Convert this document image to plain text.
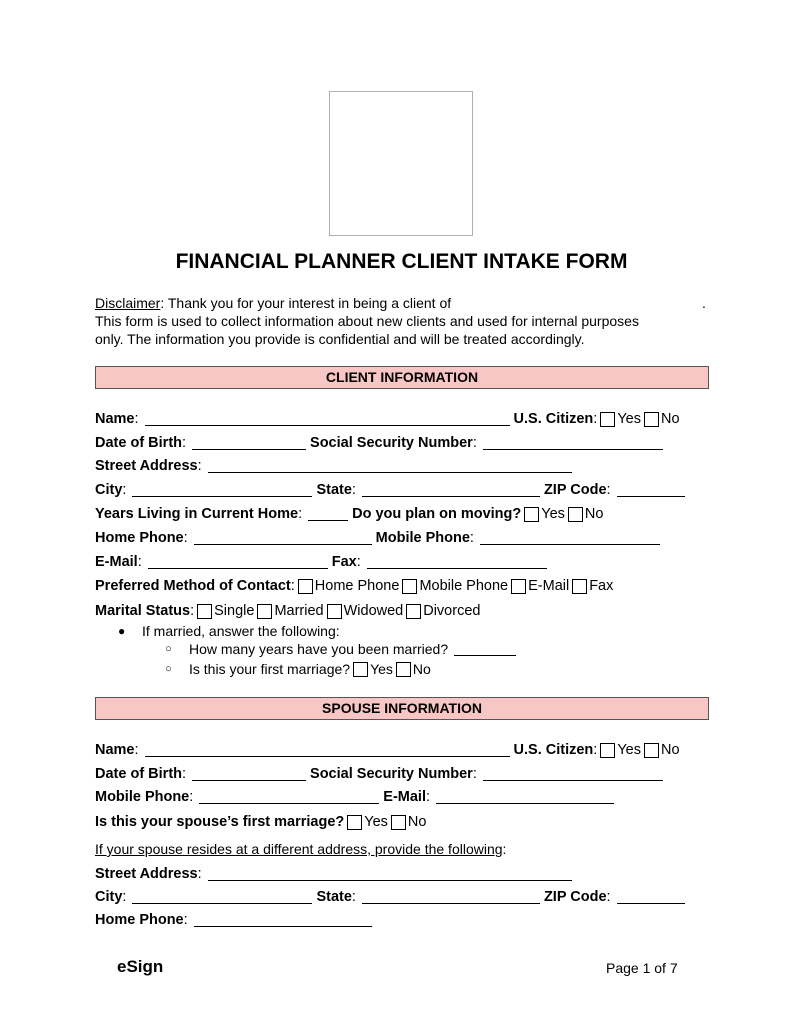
FINANCIAL PLANNER CLIENT INTAKE FORM
Disclaimer: Thank you for your interest in being a client of	.
This form is used to collect information about new clients and used for internal purposes
only. The information you provide is confidential and will be treated accordingly.
CLIENT INFORMATION
Name :	U.S. Citizen : Yes No
Date of Birth :	Social Security Number :
Street Address :
City :	State :	ZIP Code :
Years Living in Current Home :	Do you plan on moving? Yes No
Home Phone :	Mobile Phone :
E-Mail :	Fax :
Preferred Method of Contact : Home Phone Mobile Phone E-Mail Fax
Marital Status : Single Married Widowed Divorced
●	If married, answer the following:
○	How many years have you been married?
○	Is this your first marriage? Yes No
SPOUSE INFORMATION
Name :	U.S. Citizen : Yes No
Date of Birth :	Social Security Number :
Mobile Phone :	E-Mail :
Is this your spouse’s first marriage? Yes No
If your spouse resides at a different address, provide the following :
Street Address :
City :	State :	ZIP Code :
Home Phone :
eSign	Page 1 of 7
